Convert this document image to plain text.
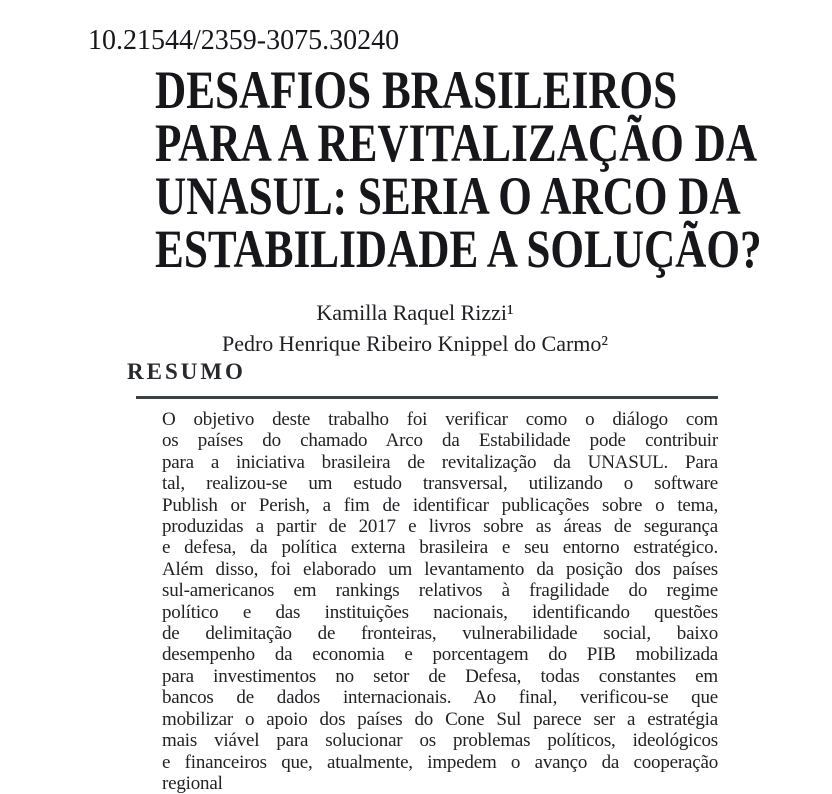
10.21544/2359-3075.30240
DESAFIOS BRASILEIROS
PARA A REVITALIZAÇÃO DA
UNASUL: SERIA O ARCO DA
ESTABILIDADE A SOLUÇÃO?
Kamilla Raquel Rizzi¹
Pedro Henrique Ribeiro Knippel do Carmo²
RESUMO
O objetivo deste trabalho foi verificar como o diálogo com
os países do chamado Arco da Estabilidade pode contribuir
para a iniciativa brasileira de revitalização da UNASUL. Para
tal, realizou-se um estudo transversal, utilizando o software
Publish or Perish, a fim de identificar publicações sobre o tema,
produzidas a partir de 2017 e livros sobre as áreas de segurança
e defesa, da política externa brasileira e seu entorno estratégico.
Além disso, foi elaborado um levantamento da posição dos países
sul-americanos em rankings relativos à fragilidade do regime
político e das instituições nacionais, identificando questões
de delimitação de fronteiras, vulnerabilidade social, baixo
desempenho da economia e porcentagem do PIB mobilizada
para investimentos no setor de Defesa, todas constantes em
bancos de dados internacionais. Ao final, verificou-se que
mobilizar o apoio dos países do Cone Sul parece ser a estratégia
mais viável para solucionar os problemas políticos, ideológicos
e financeiros que, atualmente, impedem o avanço da cooperação
regional
